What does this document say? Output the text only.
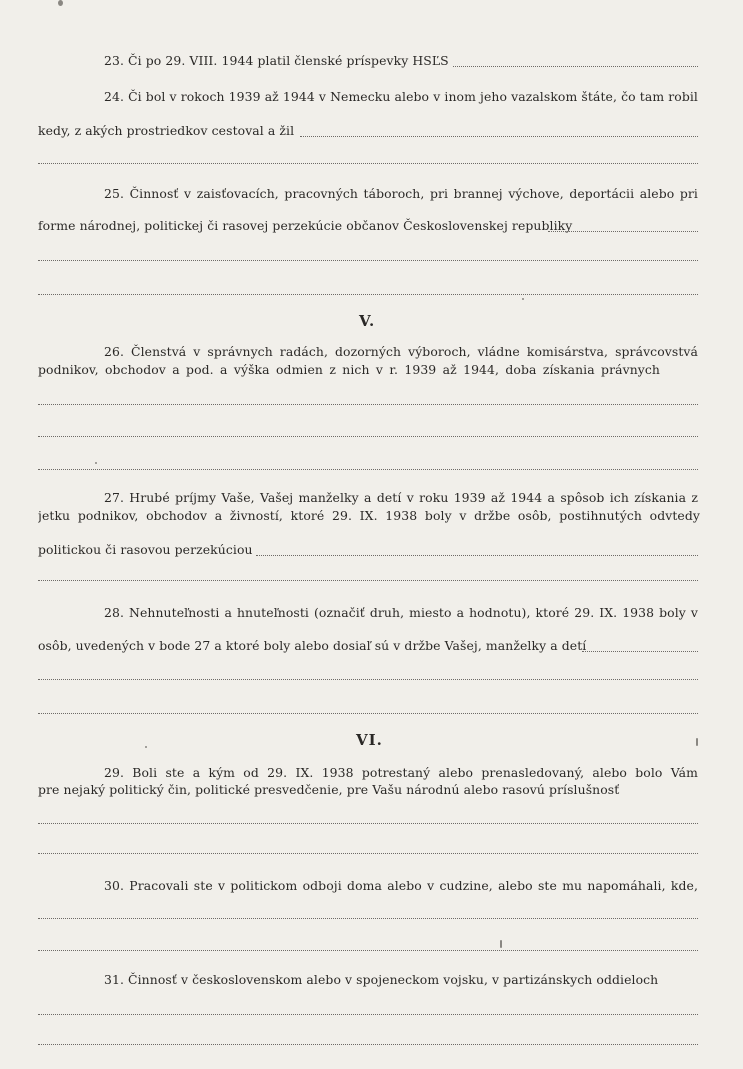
23. Či po 29. VIII. 1944 platil členské príspevky HSĽS
24. Či bol v rokoch 1939 až 1944 v Nemecku alebo v inom jeho vazalskom štáte, čo tam robil
kedy, z akých prostriedkov cestoval a žil
25. Činnosť v zaisťovacích, pracovných táboroch, pri brannej výchove, deportácii alebo pri
forme národnej, politickej či rasovej perzekúcie občanov Československej republiky
V.
26. Členstvá v správnych radách, dozorných výboroch, vládne komisárstva, správcovstvá
podnikov, obchodov a pod. a výška odmien z nich v r. 1939 až 1944, doba získania právnych
27. Hrubé príjmy Vaše, Vašej manželky a detí v roku 1939 až 1944 a spôsob ich získania z
jetku podnikov, obchodov a živností, ktoré 29. IX. 1938 boly v držbe osôb, postihnutých odvtedy
politickou či rasovou perzekúciou
28. Nehnuteľnosti a hnuteľnosti (označiť druh, miesto a hodnotu), ktoré 29. IX. 1938 boly v
osôb, uvedených v bode 27 a ktoré boly alebo dosiaľ sú v držbe Vašej, manželky a detí
VI.
29. Boli ste a kým od 29. IX. 1938 potrestaný alebo prenasledovaný, alebo bolo Vám
pre nejaký politický čin, politické presvedčenie, pre Vašu národnú alebo rasovú príslušnosť
30. Pracovali ste v politickom odboji doma alebo v cudzine, alebo ste mu napomáhali, kde,
31. Činnosť v československom alebo v spojeneckom vojsku, v partizánskych oddieloch
